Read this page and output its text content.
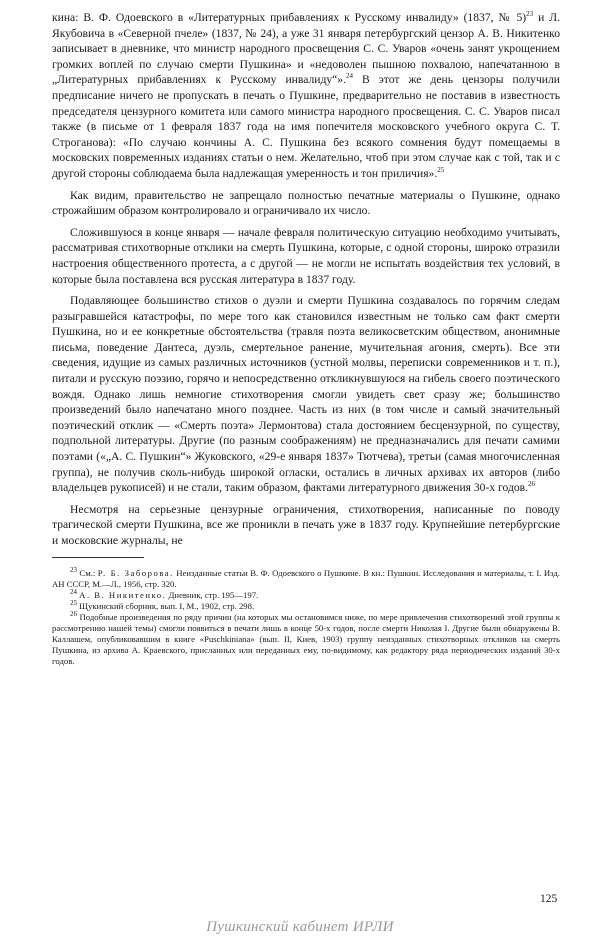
кина: В. Ф. Одоевского в «Литературных прибавлениях к Русскому инвалиду» (1837, № 5)$^{23}$ и Л. Якубовича в «Северной пчеле» (1837, № 24), а уже 31 января петербургский цензор А. В. Никитенко записывает в дневнике, что министр народного просвещения С. С. Уваров «очень занят укрощением громких воплей по случаю смерти Пушкина» и «недоволен пышною похвалою, напечатанною в „Литературных прибавлениях к Русскому инвалиду“».$^{24}$ В этот же день цензоры получили предписание ничего не пропускать в печать о Пушкине, предварительно не поставив в известность председателя цензурного комитета или самого министра народного просвещения. С. С. Уваров писал также (в письме от 1 февраля 1837 года на имя попечителя московского учебного округа С. Т. Строганова): «По случаю кончины А. С. Пушкина без всякого сомнения будут помещаемы в московских повременных изданиях статьи о нем. Желательно, чтоб при этом случае как с той, так и с другой стороны соблюдаема была надлежащая умеренность и тон приличия».$^{25}$

Как видим, правительство не запрещало полностью печатные материалы о Пушкине, однако строжайшим образом контролировало и ограничивало их число.

Сложившуюся в конце января — начале февраля политическую ситуацию необходимо учитывать, рассматривая стихотворные отклики на смерть Пушкина, которые, с одной стороны, широко отразили настроения общественного протеста, а с другой — не могли не испытать воздействия тех условий, в которые была поставлена вся русская литература в 1837 году.

Подавляющее большинство стихов о дуэли и смерти Пушкина создавалось по горячим следам разыгравшейся катастрофы, по мере того как становился известным не только сам факт смерти Пушкина, но и ее конкретные обстоятельства (травля поэта великосветским обществом, анонимные письма, поведение Дантеса, дуэль, смертельное ранение, мучительная агония, смерть). Все эти сведения, идущие из самых различных источников (устной молвы, переписки современников и т. п.), питали и русскую поэзию, горячо и непосредственно откликнувшуюся на гибель своего поэтического вождя. Однако лишь немногие стихотворения смогли увидеть свет сразу же; большинство произведений было напечатано много позднее. Часть из них (в том числе и самый значительный поэтический отклик — «Смерть поэта» Лермонтова) стала достоянием бесцензурной, по существу, подпольной литературы. Другие (по разным соображениям) не предназначались для печати самими поэтами («„А. С. Пушкин“» Жуковского, «29-е января 1837» Тютчева), третьи (самая многочисленная группа), не получив сколь-нибудь широкой огласки, остались в личных архивах их авторов (либо владельцев рукописей) и не стали, таким образом, фактами литературного движения 30-х годов.$^{26}$

Несмотря на серьезные цензурные ограничения, стихотворения, написанные по поводу трагической смерти Пушкина, все же проникли в печать уже в 1837 году. Крупнейшие петербургские и московские журналы, не

$^{23}$ См.: Р. Б. Заборова. Неизданные статьи В. Ф. Одоевского о Пушкине. В кн.: Пушкин. Исследования и материалы, т. I. Изд. АН СССР, М.—Л., 1956, стр. 320.

$^{24}$ А. В. Никитенко. Дневник, стр. 195—197.

$^{25}$ Щукинский сборник, вып. I, М., 1902, стр. 298.

$^{26}$ Подобные произведения по ряду причин (на которых мы остановимся ниже, по мере привлечения стихотворений этой группы к рассмотрению нашей темы) смогли появиться в печати лишь в конце 50-х годов, после смерти Николая I. Другие были обнаружены В. Каллашем, опубликовавшим в книге «Puschkiniana» (вып. II, Киев, 1903) группу неизданных стихотворных откликов на смерть Пушкина, из архива А. Краевского, присланных или переданных ему, по-видимому, как редактору ряда периодических изданий 30-х годов.

125
Пушкинский кабинет ИРЛИ
